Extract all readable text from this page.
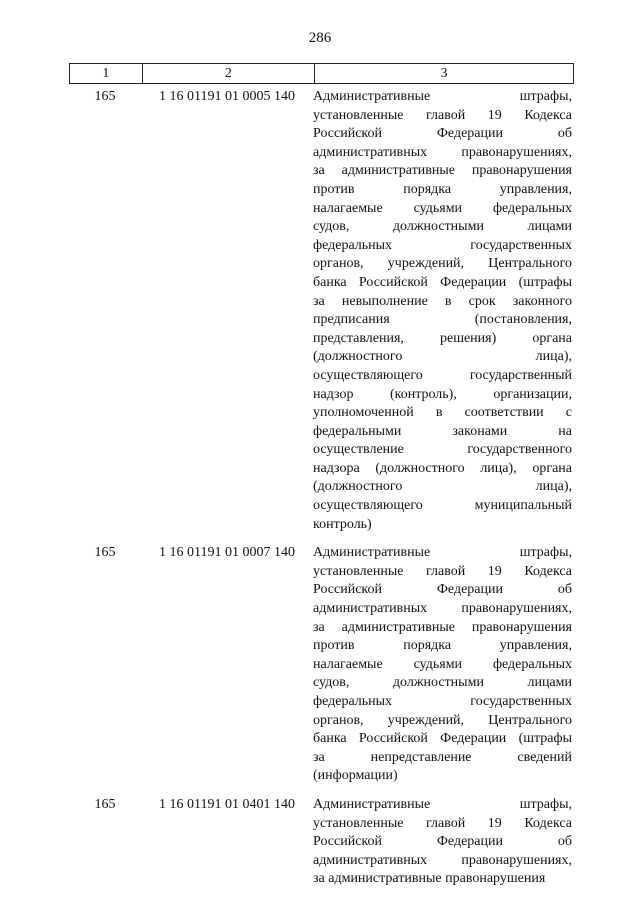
286
1	2	3
165	1 16 01191 01 0005 140	Административные штрафы,
установленные главой 19 Кодекса
Российской Федерации об
административных правонарушениях,
за административные правонарушения
против порядка управления,
налагаемые судьями федеральных
судов, должностными лицами
федеральных государственных
органов, учреждений, Центрального
банка Российской Федерации (штрафы
за невыполнение в срок законного
предписания (постановления,
представления, решения) органа
(должностного лица),
осуществляющего государственный
надзор (контроль), организации,
уполномоченной в соответствии с
федеральными законами на
осуществление государственного
надзора (должностного лица), органа
(должностного лица),
осуществляющего муниципальный
контроль)
165	1 16 01191 01 0007 140	Административные штрафы,
установленные главой 19 Кодекса
Российской Федерации об
административных правонарушениях,
за административные правонарушения
против порядка управления,
налагаемые судьями федеральных
судов, должностными лицами
федеральных государственных
органов, учреждений, Центрального
банка Российской Федерации (штрафы
за непредставление сведений
(информации)
165	1 16 01191 01 0401 140	Административные штрафы,
установленные главой 19 Кодекса
Российской Федерации об
административных правонарушениях,
за административные правонарушения
